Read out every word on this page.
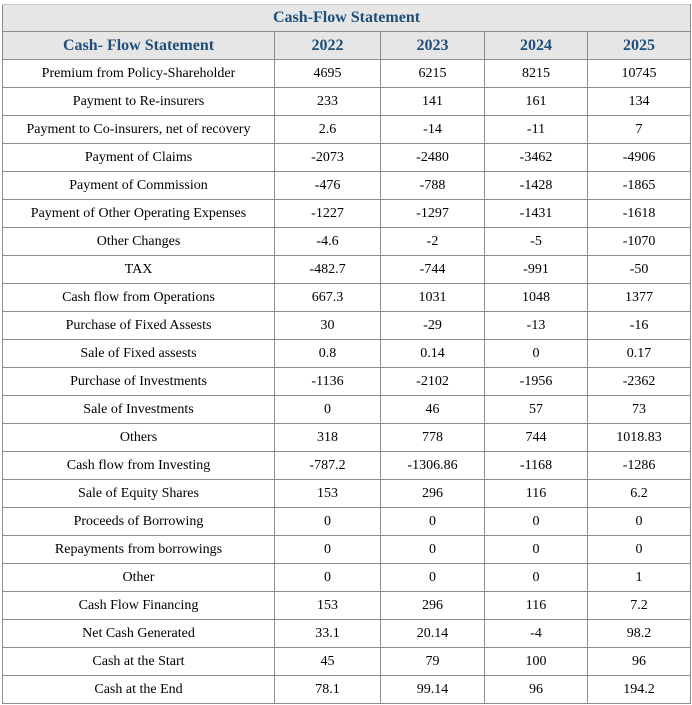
Cash-Flow Statement				
Cash- Flow Statement	2022	2023	2024	2025
Premium from Policy-Shareholder	4695	6215	8215	10745
Payment to Re-insurers	233	141	161	134
Payment to Co-insurers, net of recovery	2.6	-14	-11	7
Payment of Claims	-2073	-2480	-3462	-4906
Payment of Commission	-476	-788	-1428	-1865
Payment of Other Operating Expenses	-1227	-1297	-1431	-1618
Other Changes	-4.6	-2	-5	-1070
TAX	-482.7	-744	-991	-50
Cash flow from Operations	667.3	1031	1048	1377
Purchase of Fixed Assests	30	-29	-13	-16
Sale of Fixed assests	0.8	0.14	0	0.17
Purchase of Investments	-1136	-2102	-1956	-2362
Sale of Investments	0	46	57	73
Others	318	778	744	1018.83
Cash flow from Investing	-787.2	-1306.86	-1168	-1286
Sale of Equity Shares	153	296	116	6.2
Proceeds of Borrowing	0	0	0	0
Repayments from borrowings	0	0	0	0
Other	0	0	0	1
Cash Flow Financing	153	296	116	7.2
Net Cash Generated	33.1	20.14	-4	98.2
Cash at the Start	45	79	100	96
Cash at the End	78.1	99.14	96	194.2
